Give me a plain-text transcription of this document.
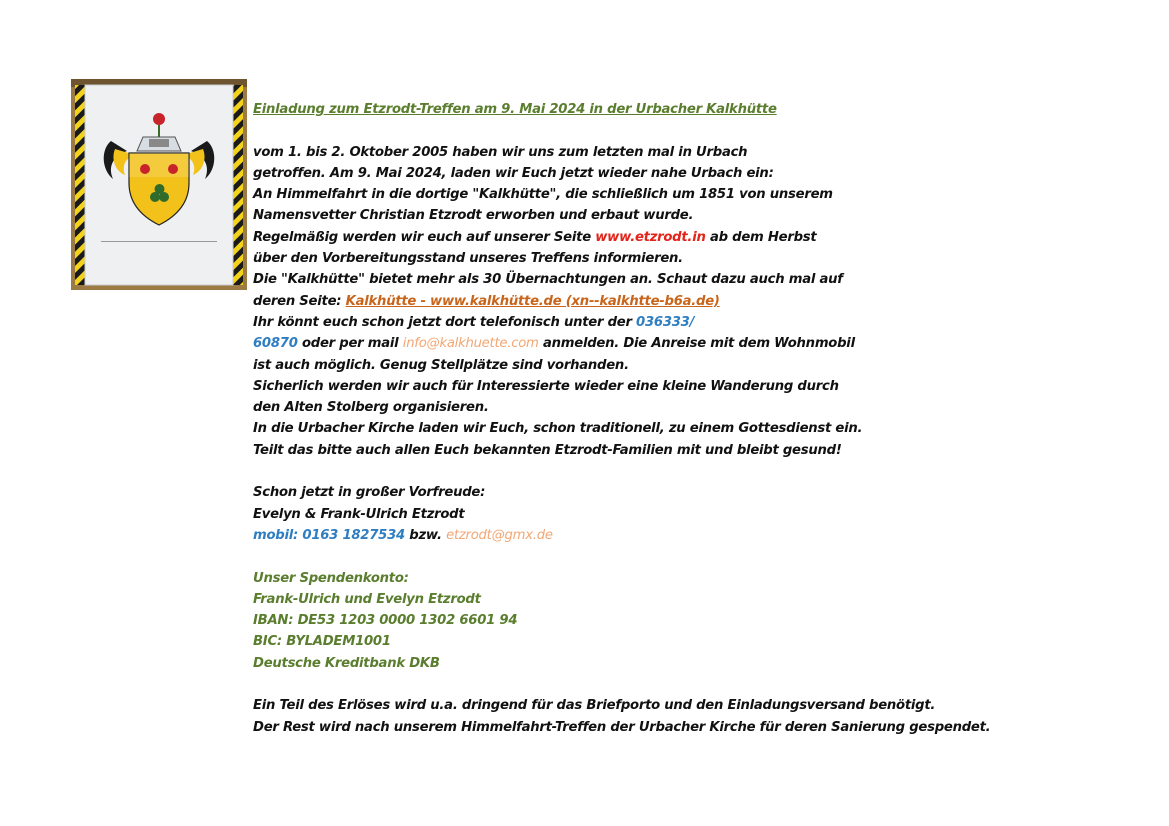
Einladung zum Etzrodt-Treffen am 9. Mai 2024 in der Urbacher Kalkhütte

vom 1. bis 2. Oktober 2005 haben wir uns zum letzten mal in Urbach

getroffen. Am 9. Mai 2024, laden wir Euch jetzt wieder nahe Urbach ein:

An Himmelfahrt in die dortige "Kalkhütte", die schließlich um 1851 von unserem

Namensvetter Christian Etzrodt erworben und erbaut wurde.

Regelmäßig werden wir euch auf unserer Seite www.etzrodt.in ab dem Herbst

über den Vorbereitungsstand unseres Treffens informieren.

Die "Kalkhütte" bietet mehr als 30 Übernachtungen an. Schaut dazu auch mal auf

deren Seite: Kalkhütte - www.kalkhütte.de (xn--kalkhtte-b6a.de)

Ihr könnt euch schon jetzt dort telefonisch unter der 036333/

60870 oder per mail info@kalkhuette.com anmelden. Die Anreise mit dem Wohnmobil

ist auch möglich. Genug Stellplätze sind vorhanden.

Sicherlich werden wir auch für Interessierte wieder eine kleine Wanderung durch

den Alten Stolberg organisieren.

In die Urbacher Kirche laden wir Euch, schon traditionell, zu einem Gottesdienst ein.

Teilt das bitte auch allen Euch bekannten Etzrodt-Familien mit und bleibt gesund!

Schon jetzt in großer Vorfreude:

Evelyn & Frank-Ulrich Etzrodt

mobil: 0163 1827534 bzw. etzrodt@gmx.de

Unser Spendenkonto:

Frank-Ulrich und Evelyn Etzrodt

IBAN: DE53 1203 0000 1302 6601 94

BIC: BYLADEM1001

Deutsche Kreditbank DKB

Ein Teil des Erlöses wird u.a. dringend für das Briefporto und den Einladungsversand benötigt.

Der Rest wird nach unserem Himmelfahrt-Treffen der Urbacher Kirche für deren Sanierung gespendet.
